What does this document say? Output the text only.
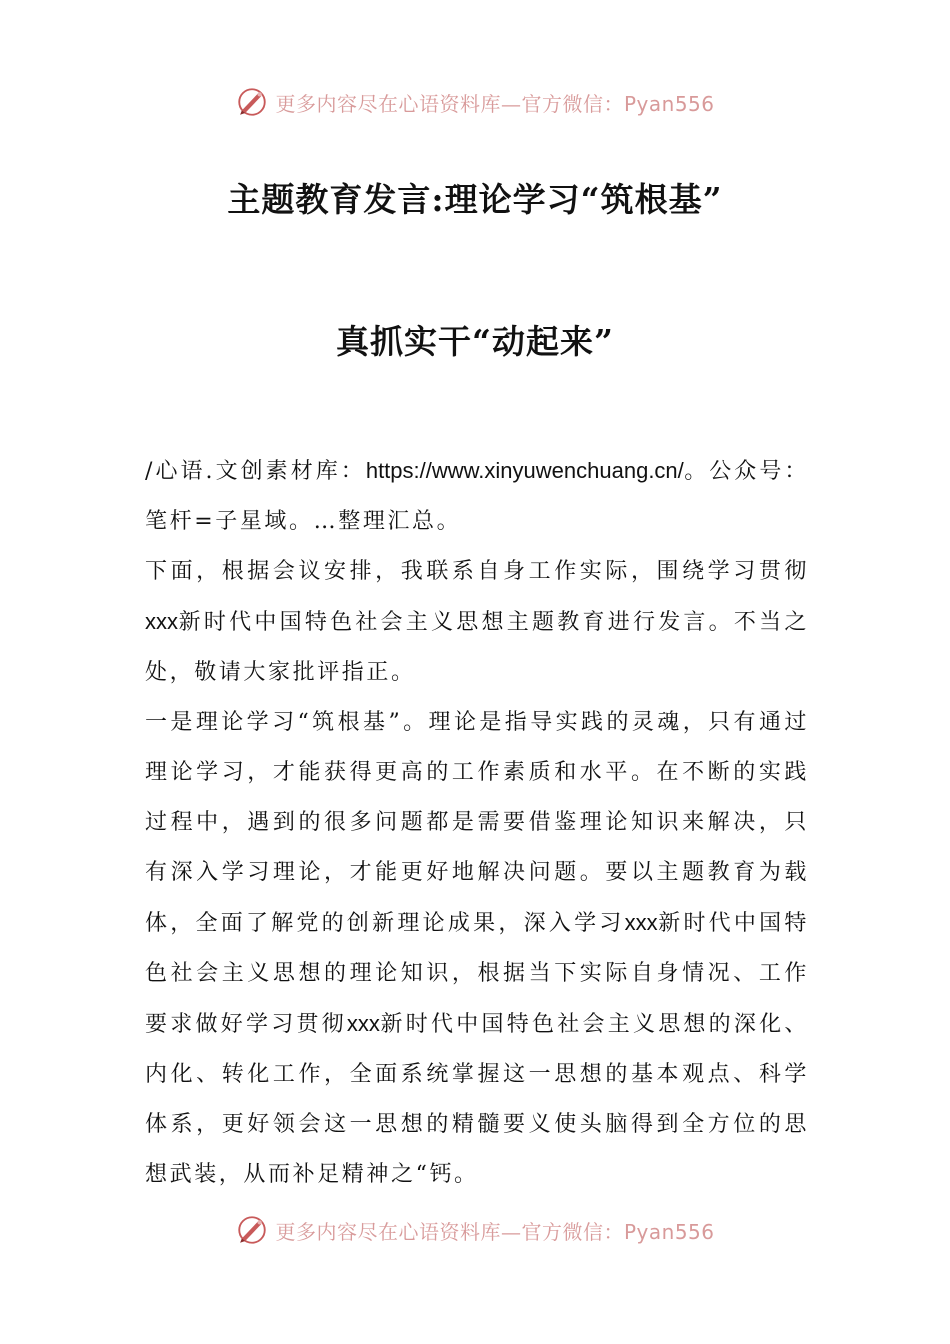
更多内容尽在心语资料库—官方微信：Pyan556
主题教育发言:理论学习“筑根基”
真抓实干“动起来”

/心语.文创素材库：https://www.xinyuwenchuang.cn/。公众号：笔杆=子星域。…整理汇总。

下面，根据会议安排，我联系自身工作实际，围绕学习贯彻xxx新时代中国特色社会主义思想主题教育进行发言。不当之处，敬请大家批评指正。

一是理论学习“筑根基”。理论是指导实践的灵魂，只有通过理论学习，才能获得更高的工作素质和水平。在不断的实践过程中，遇到的很多问题都是需要借鉴理论知识来解决，只有深入学习理论，才能更好地解决问题。要以主题教育为载体，全面了解党的创新理论成果，深入学习xxx新时代中国特色社会主义思想的理论知识，根据当下实际自身情况、工作要求做好学习贯彻xxx新时代中国特色社会主义思想的深化、内化、转化工作，全面系统掌握这一思想的基本观点、科学体系，更好领会这一思想的精髓要义使头脑得到全方位的思想武装，从而补足精神之“钙。

更多内容尽在心语资料库—官方微信：Pyan556
